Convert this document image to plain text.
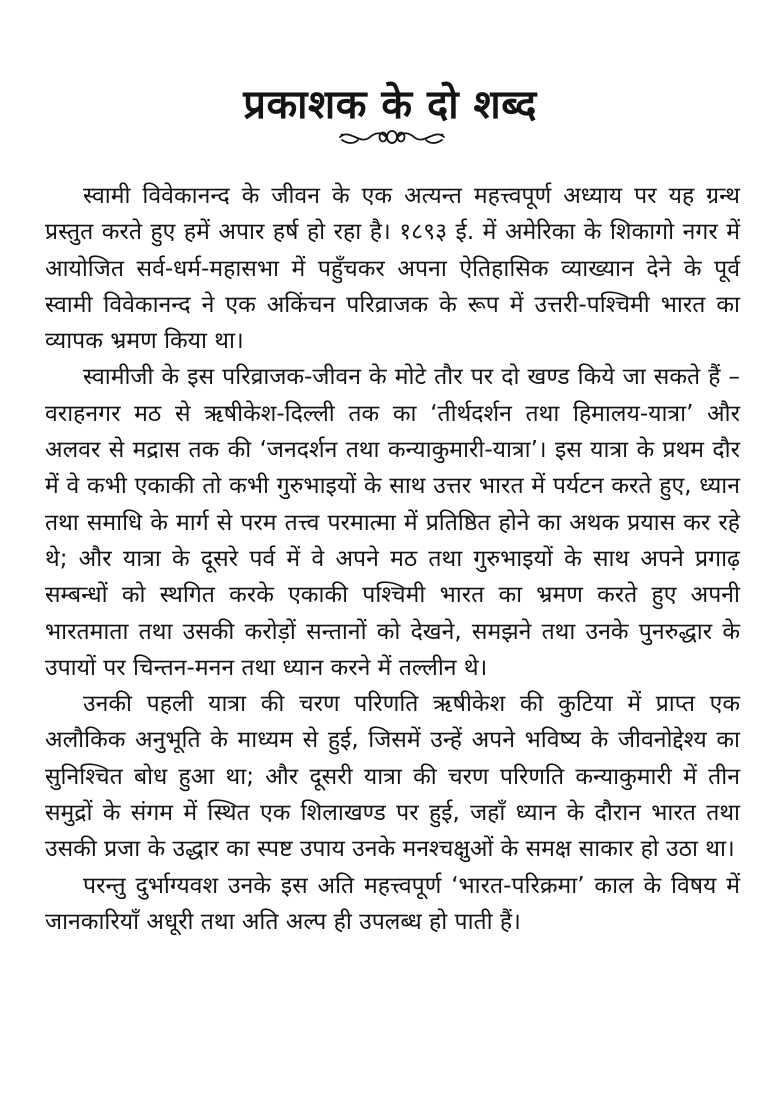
प्रकाशक के दो शब्द

स्वामी विवेकानन्द के जीवन के एक अत्यन्त महत्त्वपूर्ण अध्याय पर यह ग्रन्थ प्रस्तुत करते हुए हमें अपार हर्ष हो रहा है। १८९३ ई. में अमेरिका के शिकागो नगर में आयोजित सर्व-धर्म-महासभा में पहुँचकर अपना ऐतिहासिक व्याख्यान देने के पूर्व स्वामी विवेकानन्द ने एक अकिंचन परिव्राजक के रूप में उत्तरी-पश्चिमी भारत का व्यापक भ्रमण किया था।

स्वामीजी के इस परिव्राजक-जीवन के मोटे तौर पर दो खण्ड किये जा सकते हैं – वराहनगर मठ से ऋषीकेश-दिल्ली तक का ‘तीर्थदर्शन तथा हिमालय-यात्रा’ और अलवर से मद्रास तक की ‘जनदर्शन तथा कन्याकुमारी-यात्रा’। इस यात्रा के प्रथम दौर में वे कभी एकाकी तो कभी गुरुभाइयों के साथ उत्तर भारत में पर्यटन करते हुए, ध्यान तथा समाधि के मार्ग से परम तत्त्व परमात्मा में प्रतिष्ठित होने का अथक प्रयास कर रहे थे; और यात्रा के दूसरे पर्व में वे अपने मठ तथा गुरुभाइयों के साथ अपने प्रगाढ़ सम्बन्धों को स्थगित करके एकाकी पश्चिमी भारत का भ्रमण करते हुए अपनी भारतमाता तथा उसकी करोड़ों सन्तानों को देखने, समझने तथा उनके पुनरुद्धार के उपायों पर चिन्तन-मनन तथा ध्यान करने में तल्लीन थे।

उनकी पहली यात्रा की चरण परिणति ऋषीकेश की कुटिया में प्राप्त एक अलौकिक अनुभूति के माध्यम से हुई, जिसमें उन्हें अपने भविष्य के जीवनोद्देश्य का सुनिश्चित बोध हुआ था; और दूसरी यात्रा की चरण परिणति कन्याकुमारी में तीन समुद्रों के संगम में स्थित एक शिलाखण्ड पर हुई, जहाँ ध्यान के दौरान भारत तथा उसकी प्रजा के उद्धार का स्पष्ट उपाय उनके मनश्चक्षुओं के समक्ष साकार हो उठा था।

परन्तु दुर्भाग्यवश उनके इस अति महत्त्वपूर्ण ‘भारत-परिक्रमा’ काल के विषय में जानकारियाँ अधूरी तथा अति अल्प ही उपलब्ध हो पाती हैं।
